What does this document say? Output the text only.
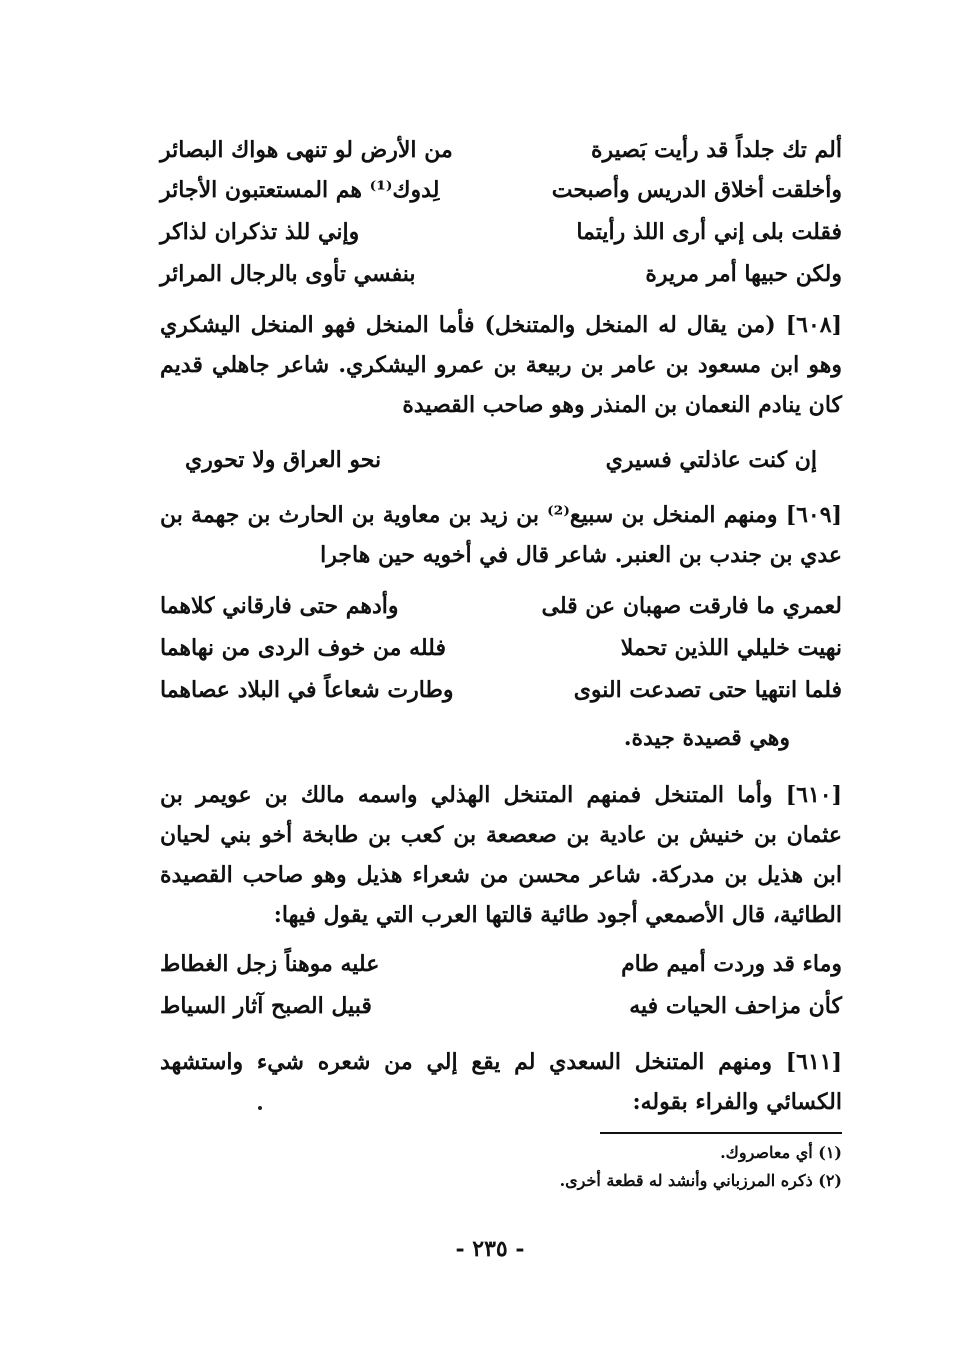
ألم تك جلداً قد رأيت بَصيرة
من الأرض لو تنهى هواك البصائر
وأخلقت أخلاق الدريس وأصبحت
لِدوك⁽¹⁾ هم المستعتبون الأجائر
فقلت بلى إني أرى اللذ رأيتما
وإني للذ تذكران لذاكر
ولكن حبيها أمر مريرة
بنفسي تأوى بالرجال المرائر
[٦٠٨] (من يقال له المنخل والمتنخل) فأما المنخل فهو المنخل اليشكري وهو ابن مسعود بن عامر بن ربيعة بن عمرو اليشكري. شاعر جاهلي قديم كان ينادم النعمان بن المنذر وهو صاحب القصيدة
إن كنت عاذلتي فسيري
نحو العراق ولا تحوري
[٦٠٩] ومنهم المنخل بن سبيع⁽²⁾ بن زيد بن معاوية بن الحارث بن جهمة بن عدي بن جندب بن العنبر. شاعر قال في أخويه حين هاجرا
لعمري ما فارقت صهبان عن قلى
وأدهم حتى فارقاني كلاهما
نهيت خليلي اللذين تحملا
فلله من خوف الردى من نهاهما
فلما انتهيا حتى تصدعت النوى
وطارت شعاعاً في البلاد عصاهما
وهي قصيدة جيدة.
[٦١٠] وأما المتنخل فمنهم المتنخل الهذلي واسمه مالك بن عويمر بن عثمان بن خنيش بن عادية بن صعصعة بن كعب بن طابخة أخو بني لحيان ابن هذيل بن مدركة. شاعر محسن من شعراء هذيل وهو صاحب القصيدة الطائية، قال الأصمعي أجود طائية قالتها العرب التي يقول فيها:
وماء قد وردت أميم طام
عليه موهناً زجل الغطاط
كأن مزاحف الحيات فيه
قبيل الصبح آثار السياط
[٦١١] ومنهم المتنخل السعدي لم يقع إلي من شعره شيء واستشهد الكسائي والفراء بقوله:
(١) أي معاصروك.
(٢) ذكره المرزباني وأنشد له قطعة أخرى.
- ٢٣٥ -
